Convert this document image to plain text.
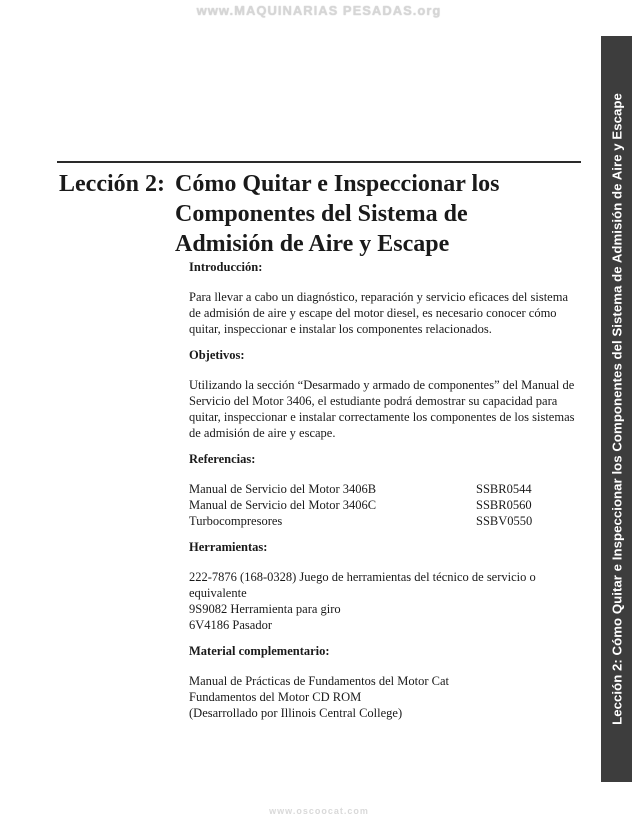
www.MAQUINARIAS PESADAS.org
Lección 2: Cómo Quitar e Inspeccionar los Componentes del Sistema de Admisión de Aire y Escape
Lección 2: Cómo Quitar e Inspeccionar los
Componentes del Sistema de
Admisión de Aire y Escape

Introducción:

Para llevar a cabo un diagnóstico, reparación y servicio eficaces del sistema

de admisión de aire y escape del motor diesel, es necesario conocer cómo

quitar, inspeccionar e instalar los componentes relacionados.

Objetivos:

Utilizando la sección “Desarmado y armado de componentes” del Manual de

Servicio del Motor 3406, el estudiante podrá demostrar su capacidad para

quitar, inspeccionar e instalar correctamente los componentes de los sistemas

de admisión de aire y escape.

Referencias:

Manual de Servicio del Motor 3406B	SSBR0544
Manual de Servicio del Motor 3406C	SSBR0560
Turbocompresores	SSBV0550

Herramientas:

222-7876 (168-0328) Juego de herramientas del técnico de servicio o

equivalente

9S9082 Herramienta para giro

6V4186 Pasador

Material complementario:

Manual de Prácticas de Fundamentos del Motor Cat

Fundamentos del Motor CD ROM

(Desarrollado por Illinois Central College)

www.oscoocat.com
